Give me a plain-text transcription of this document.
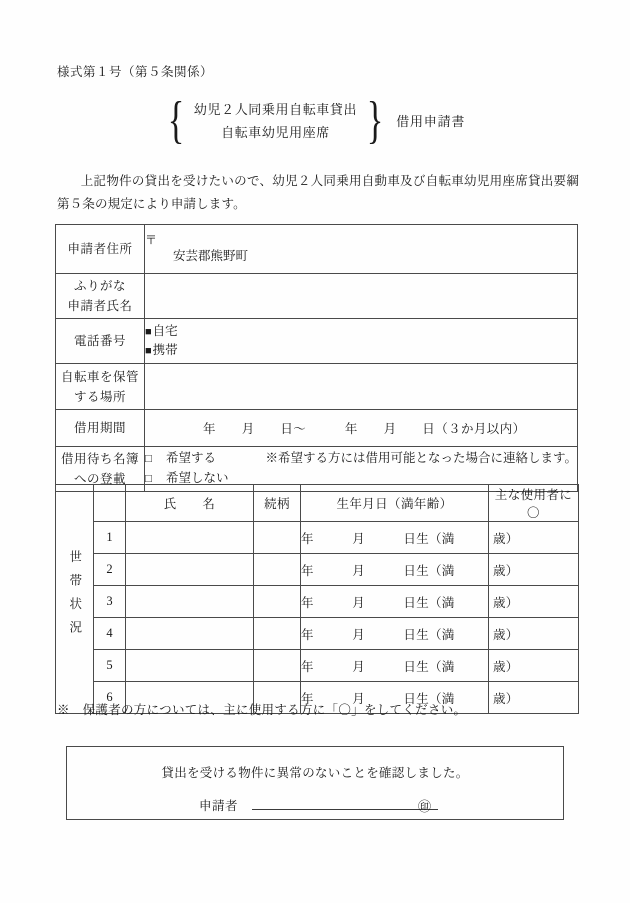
様式第１号（第５条関係）
{ 幼児２人同乗用自転車貸出
自転車幼児用座席 } 借用申請書
上記物件の貸出を受けたいので、幼児２人同乗用自動車及び自転車幼児用座席貸出要綱第５条の規定により申請します。
申請者住所	〒
安芸郡熊野町

ふりがな
申請者氏名	

電話番号	■自宅
■携帯

自転車を保管
する場所	

借用期間	年　　月　　日〜　　　年　　月　　日（３か月以内）

借用待ち名簿
への登載	□ 希望する ※希望する方には借用可能となった場合に連絡します。
□ 希望しない
世帯状況		氏　　名	続柄	生年月日（満年齢）	主な使用者に〇
	1			年　　　月　　　日生（満　　　歳）	
	2			年　　　月　　　日生（満　　　歳）	
	3			年　　　月　　　日生（満　　　歳）	
	4			年　　　月　　　日生（満　　　歳）	
	5			年　　　月　　　日生（満　　　歳）	
	6			年　　　月　　　日生（満　　　歳）	
※　保護者の方については、主に使用する方に「〇」をしてください。
貸出を受ける物件に異常のないことを確認しました。
申請者	㊞
